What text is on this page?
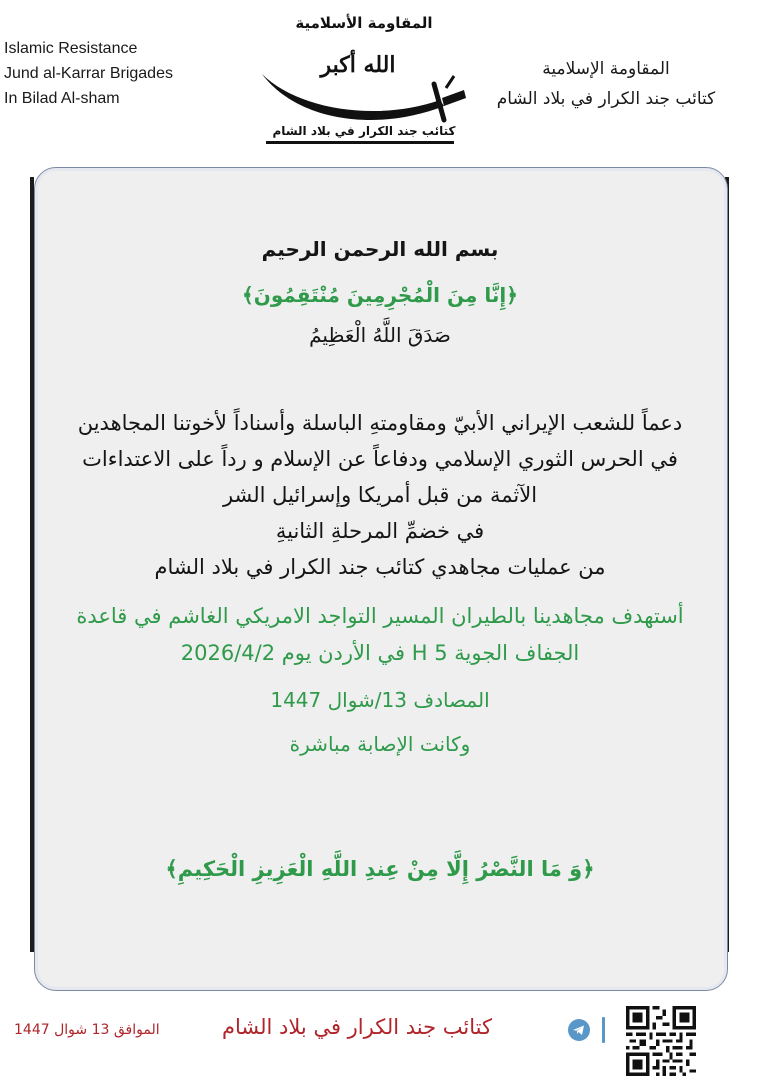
Islamic Resistance
Jund al-Karrar Brigades
In Bilad Al-sham
المقاومة الأسلامية
الله أكبر
كتائب جند الكرار في بلاد الشام
المقاومة الإسلامية
كتائب جند الكرار في بلاد الشام
بسم الله الرحمن الرحيم
﴿إِنَّا مِنَ الْمُجْرِمِينَ مُنْتَقِمُونَ﴾
صَدَقَ اللَّهُ الْعَظِيمُ
دعماً للشعب الإيراني الأبيّ ومقاومتهِ الباسلة وأسناداً لأخوتنا المجاهدين
في الحرس الثوري الإسلامي ودفاعاً عن الإسلام و رداً على الاعتداءات
الآثمة من قبل أمريكا وإسرائيل الشر
في خضمِّ المرحلةِ الثانيةِ
من عمليات مجاهدي كتائب جند الكرار في بلاد الشام
أستهدف مجاهدينا بالطيران المسير التواجد الامريكي الغاشم في قاعدة
الجفاف الجوية H 5 في الأردن يوم 2026/4/2
المصادف 13/شوال 1447
وكانت الإصابة مباشرة
﴿وَ مَا النَّصْرُ إِلَّا مِنْ عِندِ اللَّهِ الْعَزِيزِ الْحَكِيمِ﴾
الموافق 13 شوال 1447	كتائب جند الكرار في بلاد الشام
